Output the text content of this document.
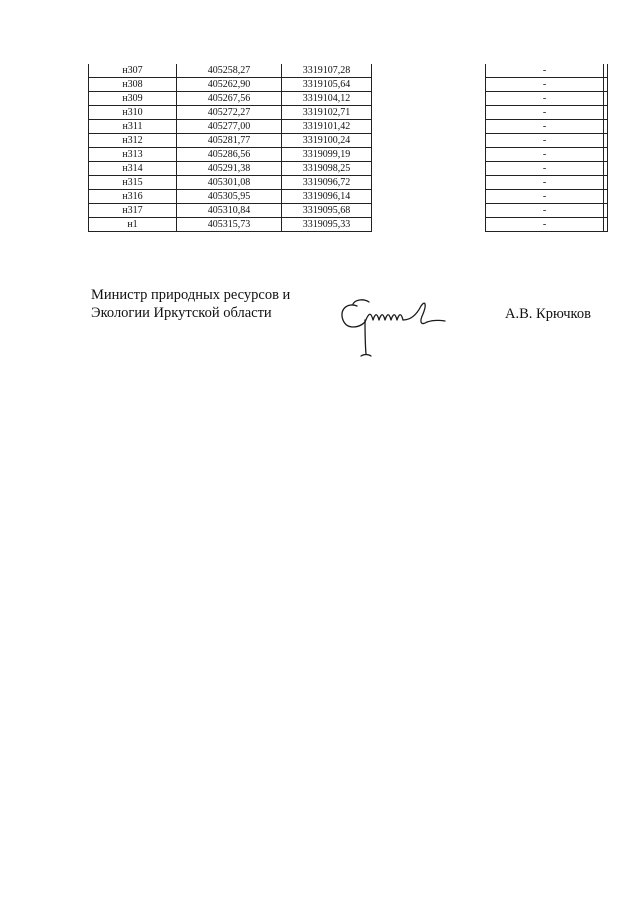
н307	405258,27	3319107,28		-	
н308	405262,90	3319105,64		-	
н309	405267,56	3319104,12		-	
н310	405272,27	3319102,71		-	
н311	405277,00	3319101,42		-	
н312	405281,77	3319100,24		-	
н313	405286,56	3319099,19		-	
н314	405291,38	3319098,25		-	
н315	405301,08	3319096,72		-	
н316	405305,95	3319096,14		-	
н317	405310,84	3319095,68		-	
н1	405315,73	3319095,33		-	
Министр природных ресурсов и
Экологии Иркутской области	А.В. Крючков
